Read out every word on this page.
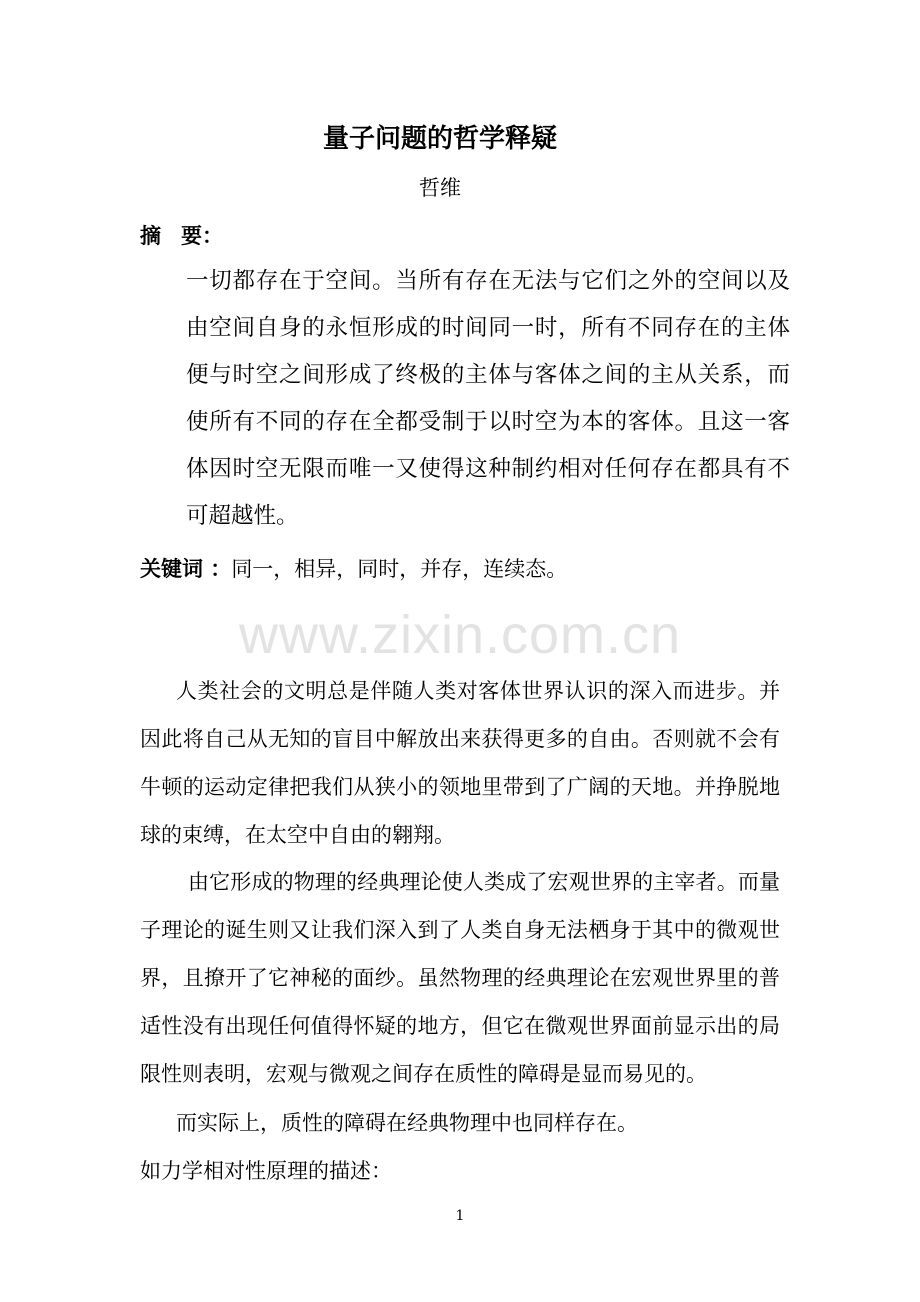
量子问题的哲学释疑
哲维
摘 要：

一切都存在于空间。当所有存在无法与它们之外的空间以及由空间自身的永恒形成的时间同一时，所有不同存在的主体便与时空之间形成了终极的主体与客体之间的主从关系，而使所有不同的存在全都受制于以时空为本的客体。且这一客体因时空无限而唯一又使得这种制约相对任何存在都具有不可超越性。

关键词 ：同一，相异，同时，并存，连续态。
www.zixin.com.cn

人类社会的文明总是伴随人类对客体世界认识的深入而进步。并因此将自己从无知的盲目中解放出来获得更多的自由。否则就不会有牛顿的运动定律把我们从狭小的领地里带到了广阔的天地。并挣脱地球的束缚，在太空中自由的翱翔。

由它形成的物理的经典理论使人类成了宏观世界的主宰者。而量子理论的诞生则又让我们深入到了人类自身无法栖身于其中的微观世界，且撩开了它神秘的面纱。虽然物理的经典理论在宏观世界里的普适性没有出现任何值得怀疑的地方，但它在微观世界面前显示出的局限性则表明，宏观与微观之间存在质性的障碍是显而易见的。

而实际上，质性的障碍在经典物理中也同样存在。

如力学相对性原理的描述：

1
